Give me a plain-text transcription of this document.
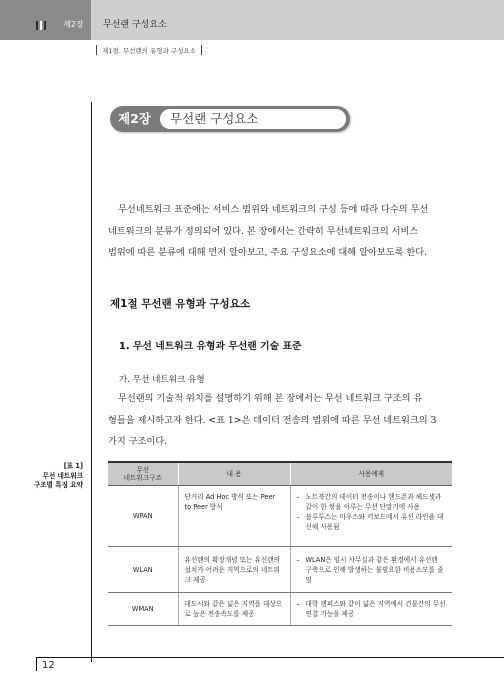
제2장 무선랜 구성요소
제1절. 무선랜의 유형과 구성요소
제2장 무선랜 구성요소
무선네트워크 표준에는 서비스 범위와 네트워크의 구성 등에 따라 다수의 무선
네트워크의 분류가 정의되어 있다. 본 장에서는 간략히 무선네트워크의 서비스
범위에 따른 분류에 대해 먼저 알아보고, 주요 구성요소에 대해 알아보도록 한다.
제1절 무선랜 유형과 구성요소
1. 무선 네트워크 유형과 무선랜 기술 표준
가. 무선 네트워크 유형
무선랜의 기술적 위치를 설명하기 위해 본 장에서는 무선 네트워크 구조의 유
형들을 제시하고자 한다. <표 1>은 데이터 전송의 범위에 따른 무선 네트워크의 3
가지 구조이다.
[표 1]
무선 네트워크
구조별 특징 요약
무선
네트워크구조	내 용	사용예제
WPAN	단거리 Ad Hoc 방식 또는 Peer to Peer 방식	– 노트북간의 데이터 전송이나 핸드폰과 헤드셋과 같이 한 쌍을 이루는 무선 단말기에 사용
– 블루투스는 마우스와 키보드에서 유선 라인을 대신해 사용됨

WLAN	유선랜의 확장개념 또는 유선랜의 설치가 어려운 지역으로의 네트워크 제공	– WLAN은 임시 사무실과 같은 환경에서 유선랜 구축으로 인해 발생하는 불필요한 비용소모를 줄임

WMAN	대도시와 같은 넓은 지역을 대상으로 높은 전송속도를 제공	– 대학 캠퍼스와 같이 넓은 지역에서 건물간의 무선 연결 기능을 제공
12
